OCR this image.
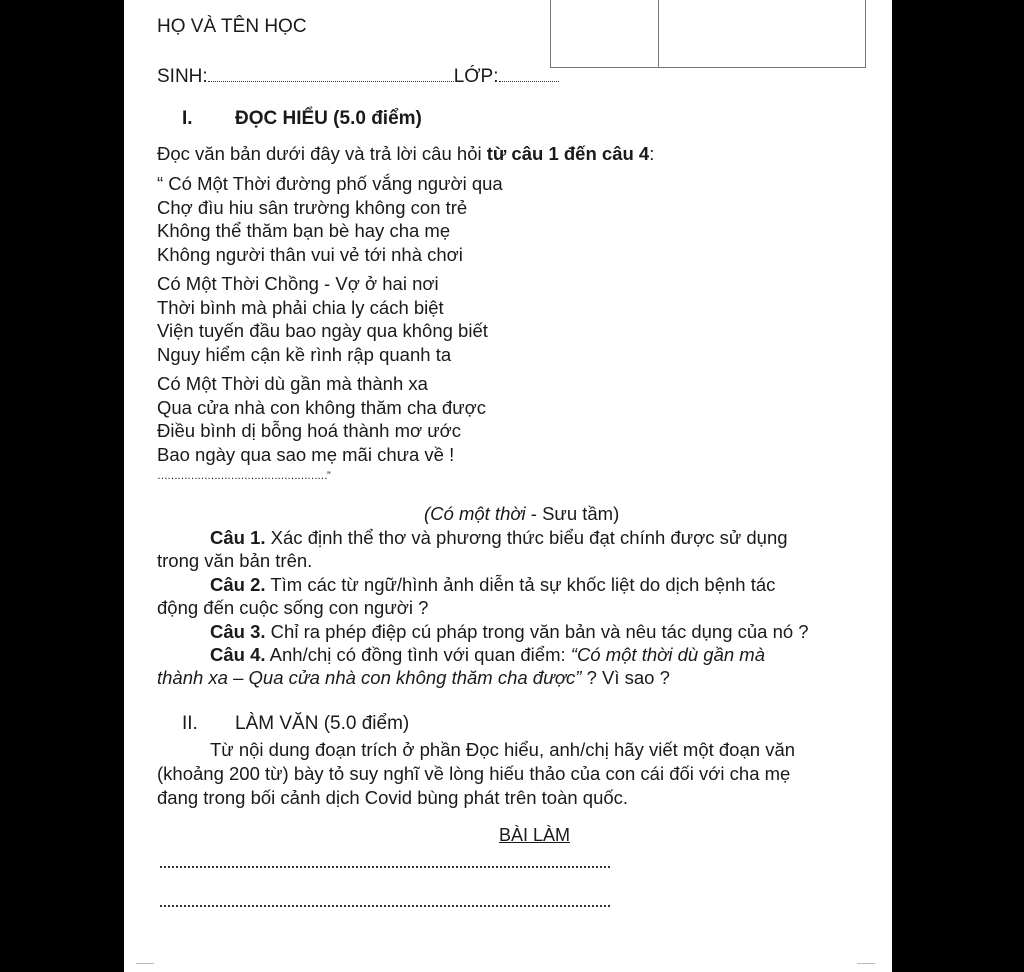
HỌ VÀ TÊN HỌC
SINH:	LỚP:
I. ĐỌC HIỂU (5.0 điểm)
Đọc văn bản dưới đây và trả lời câu hỏi từ câu 1 đến câu 4:
“ Có Một Thời đường phố vắng người qua
Chợ đìu hiu sân trường không con trẻ
Không thể thăm bạn bè hay cha mẹ
Không người thân vui vẻ tới nhà chơi
Có Một Thời Chồng - Vợ ở hai nơi
Thời bình mà phải chia ly cách biệt
Viện tuyến đầu bao ngày qua không biết
Nguy hiểm cận kề rình rập quanh ta
Có Một Thời dù gần mà thành xa
Qua cửa nhà con không thăm cha được
Điều bình dị bỗng hoá thành mơ ước
Bao ngày qua sao mẹ mãi chưa về !
……………………………………………”
(Có một thời - Sưu tầm)
Câu 1. Xác định thể thơ và phương thức biểu đạt chính được sử dụng
trong văn bản trên.
Câu 2. Tìm các từ ngữ/hình ảnh diễn tả sự khốc liệt do dịch bệnh tác
động đến cuộc sống con người ?
Câu 3. Chỉ ra phép điệp cú pháp trong văn bản và nêu tác dụng của nó ?
Câu 4. Anh/chị có đồng tình với quan điểm: “Có một thời dù gần mà
thành xa – Qua cửa nhà con không thăm cha được” ? Vì sao ?
II. LÀM VĂN (5.0 điểm)
Từ nội dung đoạn trích ở phần Đọc hiểu, anh/chị hãy viết một đoạn văn
(khoảng 200 từ) bày tỏ suy nghĩ về lòng hiếu thảo của con cái đối với cha mẹ
đang trong bối cảnh dịch Covid bùng phát trên toàn quốc.
BÀI LÀM
